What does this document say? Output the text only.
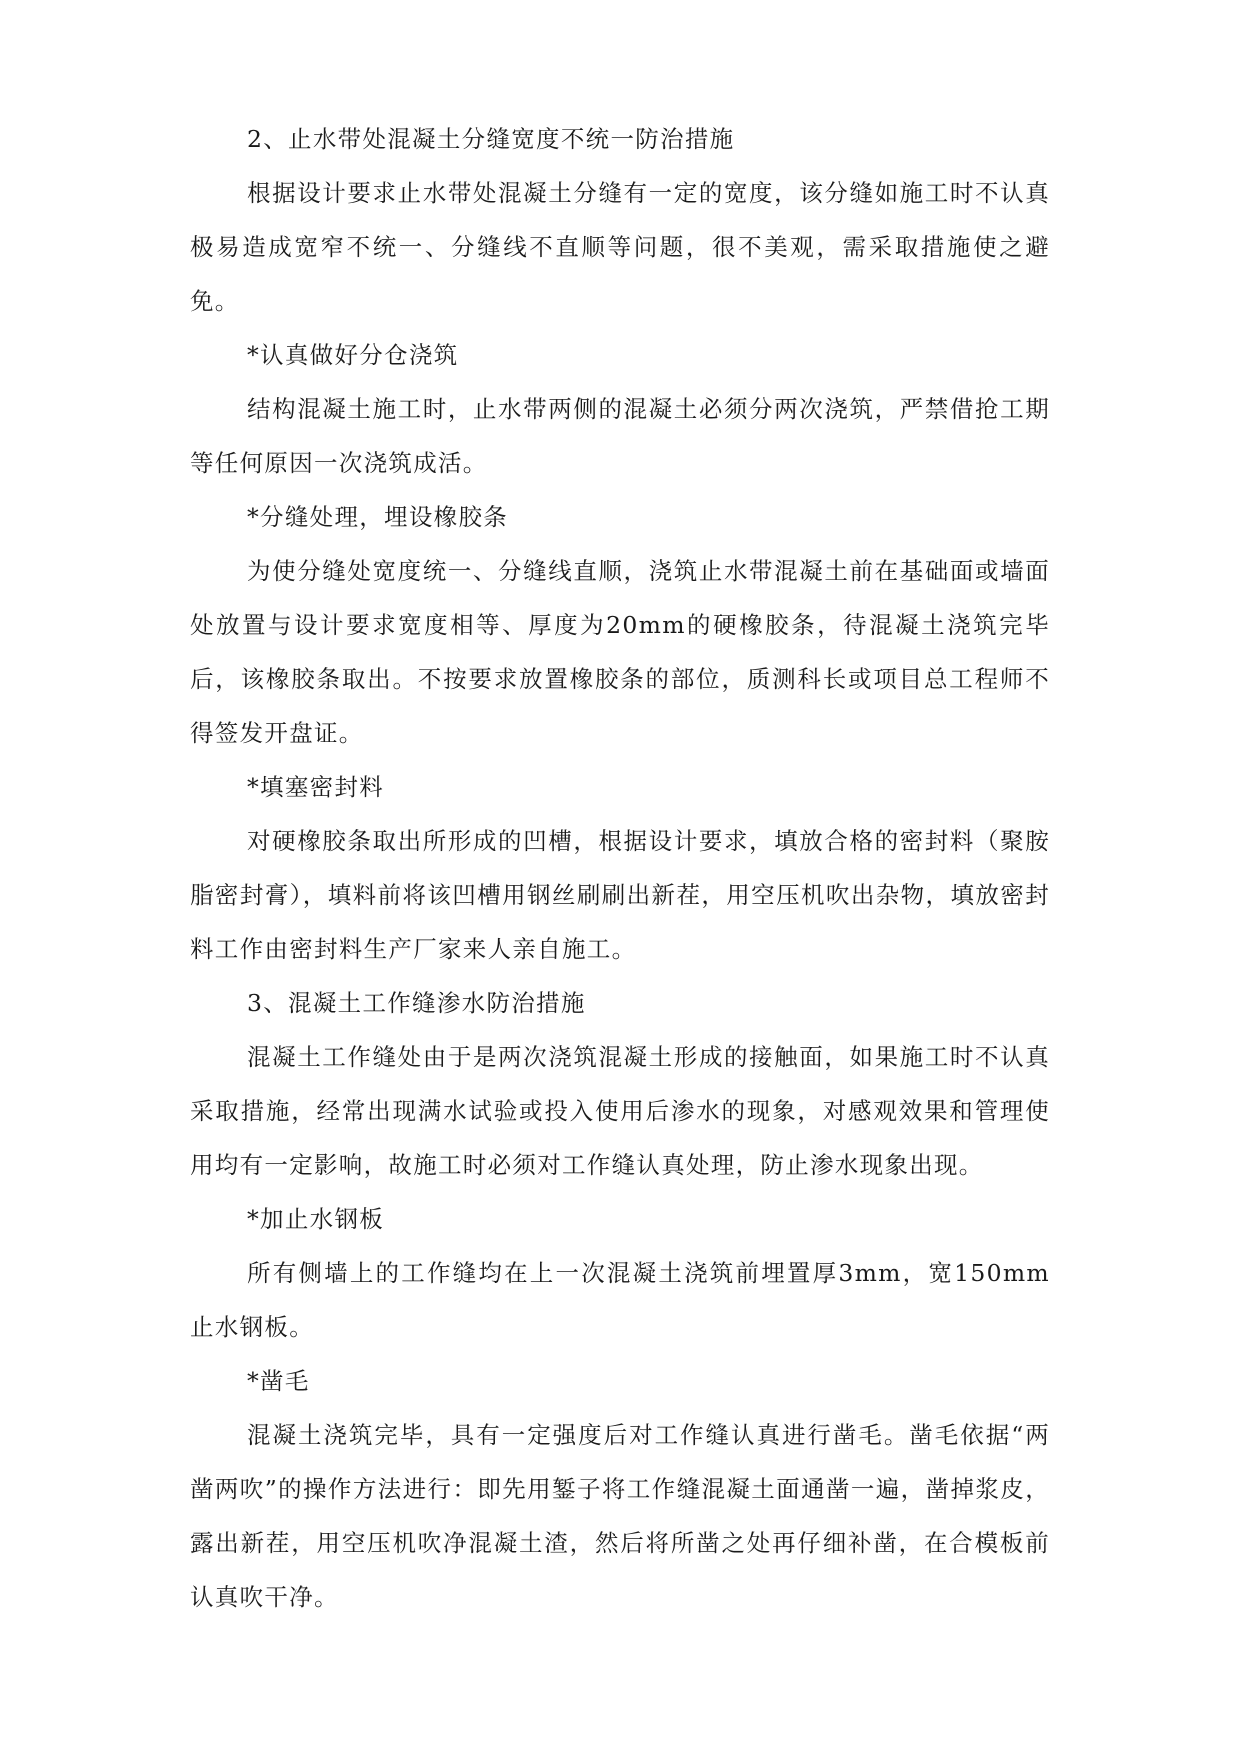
2、止水带处混凝土分缝宽度不统一防治措施

根据设计要求止水带处混凝土分缝有一定的宽度，该分缝如施工时不认真极易造成宽窄不统一、分缝线不直顺等问题，很不美观，需采取措施使之避免。

*认真做好分仓浇筑

结构混凝土施工时，止水带两侧的混凝土必须分两次浇筑，严禁借抢工期等任何原因一次浇筑成活。

*分缝处理，埋设橡胶条

为使分缝处宽度统一、分缝线直顺，浇筑止水带混凝土前在基础面或墙面处放置与设计要求宽度相等、厚度为20mm的硬橡胶条，待混凝土浇筑完毕后，该橡胶条取出。不按要求放置橡胶条的部位，质测科长或项目总工程师不得签发开盘证。

*填塞密封料

对硬橡胶条取出所形成的凹槽，根据设计要求，填放合格的密封料（聚胺脂密封膏），填料前将该凹槽用钢丝刷刷出新茬，用空压机吹出杂物，填放密封料工作由密封料生产厂家来人亲自施工。

3、混凝土工作缝渗水防治措施

混凝土工作缝处由于是两次浇筑混凝土形成的接触面，如果施工时不认真采取措施，经常出现满水试验或投入使用后渗水的现象，对感观效果和管理使用均有一定影响，故施工时必须对工作缝认真处理，防止渗水现象出现。

*加止水钢板

所有侧墙上的工作缝均在上一次混凝土浇筑前埋置厚3mm，宽150mm止水钢板。

*凿毛

混凝土浇筑完毕，具有一定强度后对工作缝认真进行凿毛。凿毛依据“两凿两吹”的操作方法进行：即先用錾子将工作缝混凝土面通凿一遍，凿掉浆皮，露出新茬，用空压机吹净混凝土渣，然后将所凿之处再仔细补凿，在合模板前认真吹干净。
